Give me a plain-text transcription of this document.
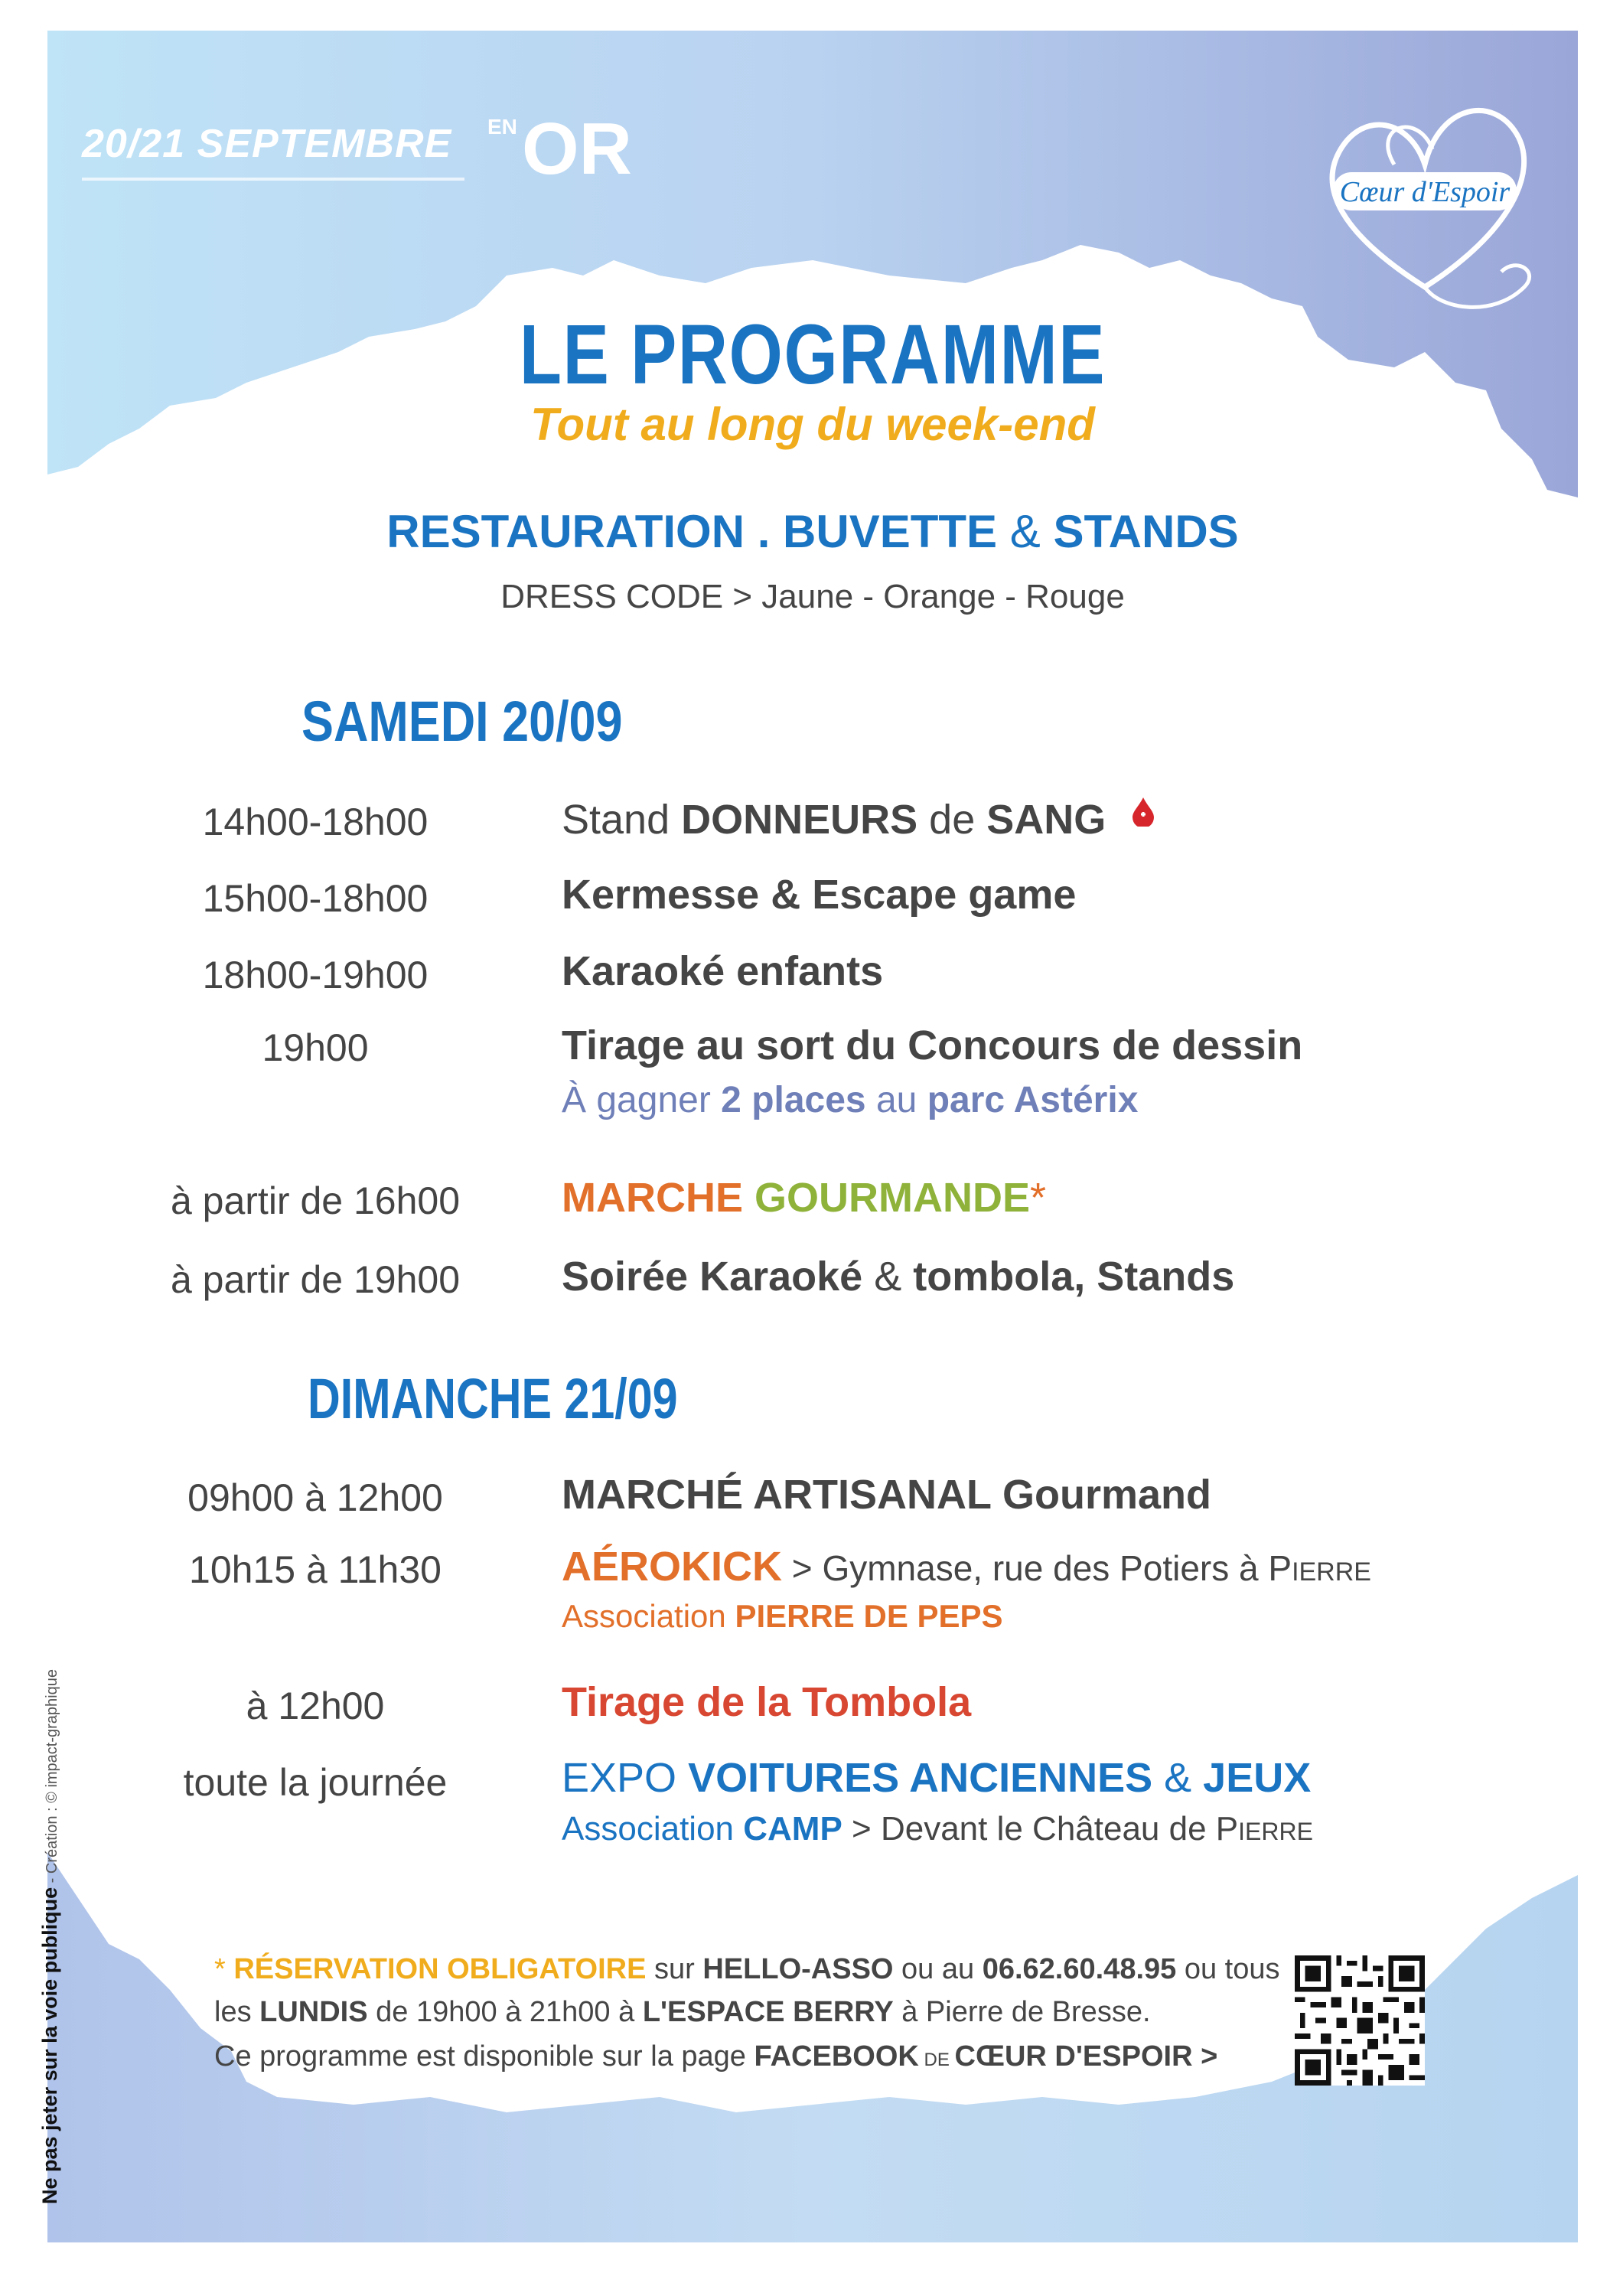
20/21 SEPTEMBRE EN OR
Cœur d'Espoir
LE PROGRAMME
Tout au long du week-end
RESTAURATION . BUVETTE & STANDS
DRESS CODE > Jaune - Orange - Rouge
SAMEDI 20/09
14h00-18h00	Stand DONNEURS de SANG
15h00-18h00	Kermesse & Escape game
18h00-19h00	Karaoké enfants
19h00	Tirage au sort du Concours de dessin
À gagner 2 places au parc Astérix
à partir de 16h00	MARCHE GOURMANDE*
à partir de 19h00	Soirée Karaoké & tombola, Stands
DIMANCHE 21/09
09h00 à 12h00	MARCHÉ ARTISANAL Gourmand
10h15 à 11h30	AÉROKICK > Gymnase, rue des Potiers à PIERRE
Association PIERRE DE PEPS
à 12h00	Tirage de la Tombola
toute la journée	EXPO VOITURES ANCIENNES & JEUX
Association CAMP > Devant le Château de PIERRE
* RÉSERVATION OBLIGATOIRE sur HELLO-ASSO ou au 06.62.60.48.95 ou tous
les LUNDIS de 19h00 à 21h00 à L'ESPACE BERRY à Pierre de Bresse.
Ce programme est disponible sur la page FACEBOOK DE CŒUR D'ESPOIR >
Ne pas jeter sur la voie publique - Création : © impact-graphique
